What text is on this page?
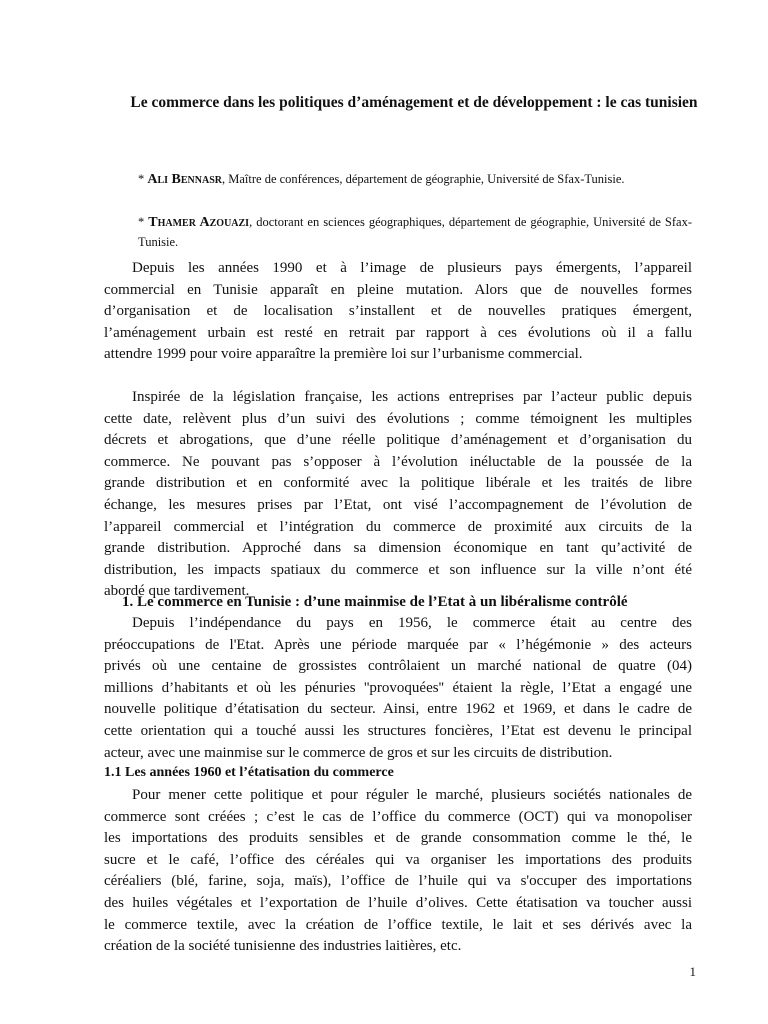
Le commerce dans les politiques d’aménagement et de développement : le cas tunisien
* Ali Bennasr, Maître de conférences, département de géographie, Université de Sfax-Tunisie.
* Thamer Azouazi, doctorant en sciences géographiques, département de géographie, Université de Sfax-Tunisie.
Depuis les années 1990 et à l’image de plusieurs pays émergents, l’appareil
commercial en Tunisie apparaît en pleine mutation. Alors que de nouvelles formes
d’organisation et de localisation s’installent et de nouvelles pratiques émergent,
l’aménagement urbain est resté en retrait par rapport à ces évolutions où il a fallu
attendre 1999 pour voire apparaître la première loi sur l’urbanisme commercial.
Inspirée de la législation française, les actions entreprises par l’acteur public depuis
cette date, relèvent plus d’un suivi des évolutions ; comme témoignent les multiples
décrets et abrogations, que d’une réelle politique d’aménagement et d’organisation du
commerce. Ne pouvant pas s’opposer à l’évolution inéluctable de la poussée de la
grande distribution et en conformité avec la politique libérale et les traités de libre
échange, les mesures prises par l’Etat, ont visé l’accompagnement de l’évolution de
l’appareil commercial et l’intégration du commerce de proximité aux circuits de la
grande distribution. Approché dans sa dimension économique en tant qu’activité de
distribution, les impacts spatiaux du commerce et son influence sur la ville n’ont été
abordé que tardivement.
1. Le commerce en Tunisie : d’une mainmise de l’Etat à un libéralisme contrôlé
Depuis l’indépendance du pays en 1956, le commerce était au centre des
préoccupations de l'Etat. Après une période marquée par « l’hégémonie » des acteurs
privés où une centaine de grossistes contrôlaient un marché national de quatre (04)
millions d’habitants et où les pénuries ''provoquées'' étaient la règle, l’Etat a engagé une
nouvelle politique d’étatisation du secteur. Ainsi, entre 1962 et 1969, et dans le cadre de
cette orientation qui a touché aussi les structures foncières, l’Etat est devenu le principal
acteur, avec une mainmise sur le commerce de gros et sur les circuits de distribution.
1.1 Les années 1960 et l’étatisation du commerce
Pour mener cette politique et pour réguler le marché, plusieurs sociétés nationales de
commerce sont créées ; c’est le cas de l’office du commerce (OCT) qui va monopoliser
les importations des produits sensibles et de grande consommation comme le thé, le
sucre et le café, l’office des céréales qui va organiser les importations des produits
céréaliers (blé, farine, soja, maïs), l’office de l’huile qui va s'occuper des importations
des huiles végétales et l’exportation de l’huile d’olives. Cette étatisation va toucher aussi
le commerce textile, avec la création de l’office textile, le lait et ses dérivés avec la
création de la société tunisienne des industries laitières, etc.
1
